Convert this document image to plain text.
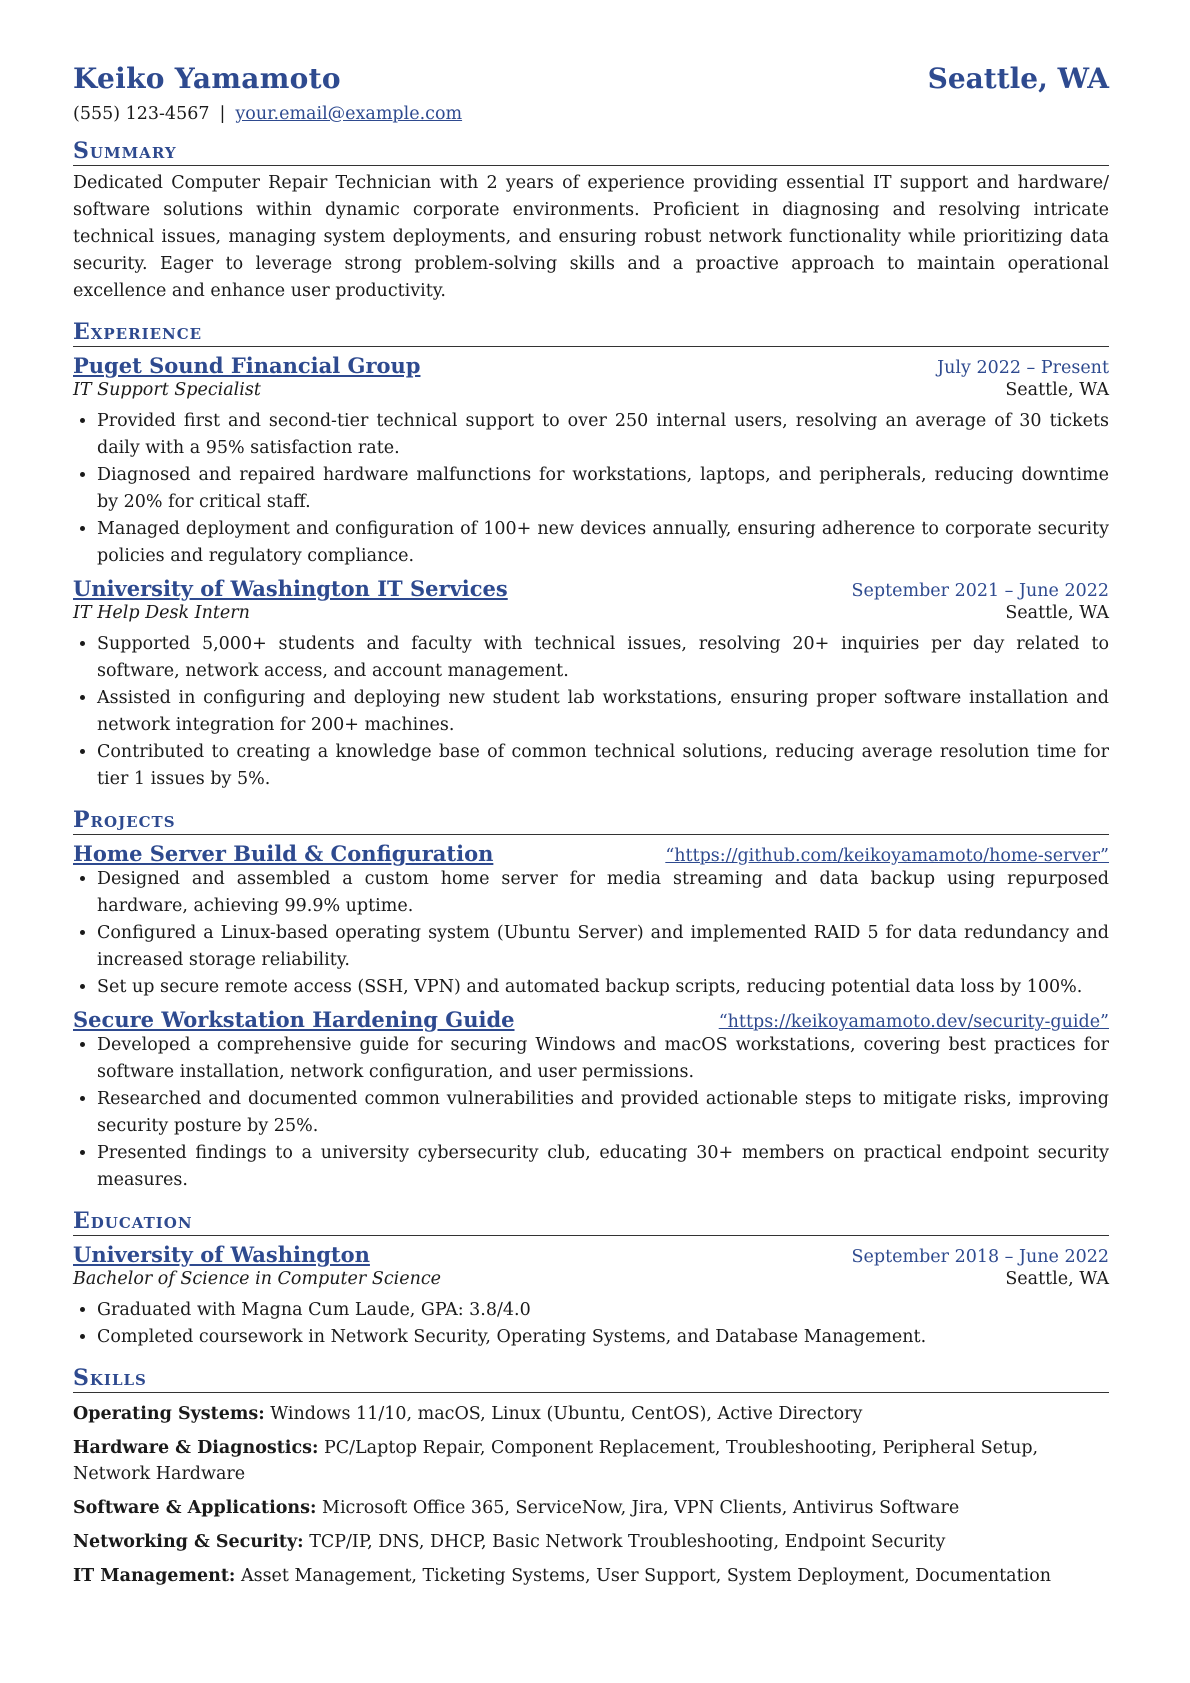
Keiko Yamamoto	Seattle, WA
(555) 123-4567 | your.email@example.com
Summary
Dedicated Computer Repair Technician with 2 years of experience providing essential IT support and hardware/ software solutions within dynamic corporate environments. Proficient in diagnosing and resolving intricate technical issues, managing system deployments, and ensuring robust network functionality while prioritizing data security. Eager to leverage strong problem-solving skills and a proactive approach to maintain operational excellence and enhance user productivity.
Experience
Puget Sound Financial Group	July 2022 – Present
IT Support Specialist	Seattle, WA
• Provided first and second-tier technical support to over 250 internal users, resolving an average of 30 tickets daily with a 95% satisfaction rate.
• Diagnosed and repaired hardware malfunctions for workstations, laptops, and peripherals, reducing downtime by 20% for critical staff.
• Managed deployment and configuration of 100+ new devices annually, ensuring adherence to corporate security policies and regulatory compliance.
University of Washington IT Services	September 2021 – June 2022
IT Help Desk Intern	Seattle, WA
• Supported 5,000+ students and faculty with technical issues, resolving 20+ inquiries per day related to software, network access, and account management.
• Assisted in configuring and deploying new student lab workstations, ensuring proper software installation and network integration for 200+ machines.
• Contributed to creating a knowledge base of common technical solutions, reducing average resolution time for tier 1 issues by 5%.
Projects
Home Server Build & Configuration	“https://github.com/keikoyamamoto/home-server”
• Designed and assembled a custom home server for media streaming and data backup using repurposed hardware, achieving 99.9% uptime.
• Configured a Linux-based operating system (Ubuntu Server) and implemented RAID 5 for data redundancy and increased storage reliability.
• Set up secure remote access (SSH, VPN) and automated backup scripts, reducing potential data loss by 100%.
Secure Workstation Hardening Guide	“https://keikoyamamoto.dev/security-guide”
• Developed a comprehensive guide for securing Windows and macOS workstations, covering best practices for software installation, network configuration, and user permissions.
• Researched and documented common vulnerabilities and provided actionable steps to mitigate risks, improving security posture by 25%.
• Presented findings to a university cybersecurity club, educating 30+ members on practical endpoint security measures.
Education
University of Washington	September 2018 – June 2022
Bachelor of Science in Computer Science	Seattle, WA
• Graduated with Magna Cum Laude, GPA: 3.8/4.0
• Completed coursework in Network Security, Operating Systems, and Database Management.
Skills
Operating Systems: Windows 11/10, macOS, Linux (Ubuntu, CentOS), Active Directory
Hardware & Diagnostics: PC/Laptop Repair, Component Replacement, Troubleshooting, Peripheral Setup, Network Hardware
Software & Applications: Microsoft Office 365, ServiceNow, Jira, VPN Clients, Antivirus Software
Networking & Security: TCP/IP, DNS, DHCP, Basic Network Troubleshooting, Endpoint Security
IT Management: Asset Management, Ticketing Systems, User Support, System Deployment, Documentation
